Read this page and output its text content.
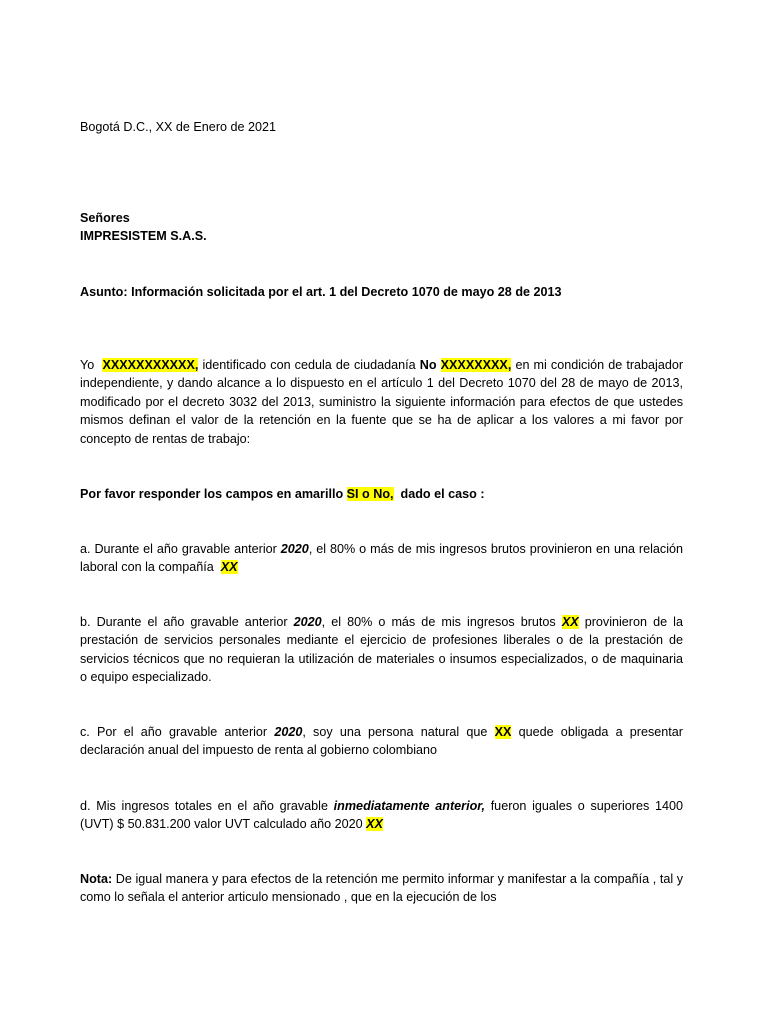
Bogotá D.C., XX de Enero de 2021

Señores
IMPRESISTEM S.A.S.

Asunto: Información solicitada por el art. 1 del Decreto 1070 de mayo 28 de 2013

Yo XXXXXXXXXXX, identificado con cedula de ciudadanía No XXXXXXXX, en mi condición de trabajador independiente, y dando alcance a lo dispuesto en el artículo 1 del Decreto 1070 del 28 de mayo de 2013, modificado por el decreto 3032 del 2013, suministro la siguiente información para efectos de que ustedes mismos definan el valor de la retención en la fuente que se ha de aplicar a los valores a mi favor por concepto de rentas de trabajo:

Por favor responder los campos en amarillo SI o No, dado el caso :

a. Durante el año gravable anterior 2020, el 80% o más de mis ingresos brutos provinieron en una relación laboral con la compañía XX

b. Durante el año gravable anterior 2020, el 80% o más de mis ingresos brutos XX provinieron de la prestación de servicios personales mediante el ejercicio de profesiones liberales o de la prestación de servicios técnicos que no requieran la utilización de materiales o insumos especializados, o de maquinaria o equipo especializado.

c. Por el año gravable anterior 2020, soy una persona natural que XX quede obligada a presentar declaración anual del impuesto de renta al gobierno colombiano

d. Mis ingresos totales en el año gravable inmediatamente anterior, fueron iguales o superiores 1400 (UVT) $ 50.831.200 valor UVT calculado año 2020 XX

Nota: De igual manera y para efectos de la retención me permito informar y manifestar a la compañía , tal y como lo señala el anterior articulo mensionado , que en la ejecución de los
